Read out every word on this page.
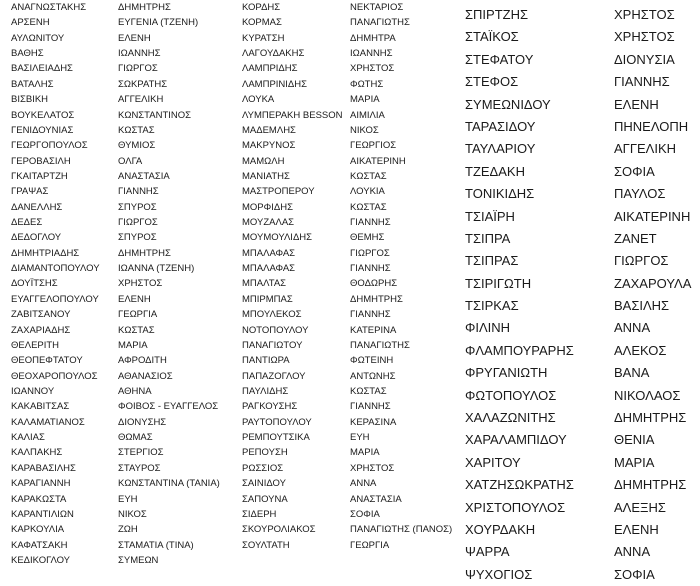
ΑΝΑΓΝΩΣΤΑΚΗΣ	ΔΗΜΗΤΡΗΣ
ΑΡΣΕΝΗ	ΕΥΓΕΝΙΑ (ΤΖΕΝΗ)
ΑΥΛΩΝΙΤΟΥ	ΕΛΕΝΗ
ΒΑΘΗΣ	ΙΩΑΝΝΗΣ
ΒΑΣΙΛΕΙΑΔΗΣ	ΓΙΩΡΓΟΣ
ΒΑΤΑΛΗΣ	ΣΩΚΡΑΤΗΣ
ΒΙΣΒΙΚΗ	ΑΓΓΕΛΙΚΗ
ΒΟΥΚΕΛΑΤΟΣ	ΚΩΝΣΤΑΝΤΙΝΟΣ
ΓΕΝΙΔΟΥΝΙΑΣ	ΚΩΣΤΑΣ
ΓΕΩΡΓΟΠΟΥΛΟΣ	ΘΥΜΙΟΣ
ΓΕΡΟΒΑΣΙΛΗ	ΟΛΓΑ
ΓΚΑΙΤΑΡΤΖΗ	ΑΝΑΣΤΑΣΙΑ
ΓΡΑΨΑΣ	ΓΙΑΝΝΗΣ
ΔΑΝΕΛΛΗΣ	ΣΠΥΡΟΣ
ΔΕΔΕΣ	ΓΙΩΡΓΟΣ
ΔΕΔΟΓΛΟΥ	ΣΠΥΡΟΣ
ΔΗΜΗΤΡΙΑΔΗΣ	ΔΗΜΗΤΡΗΣ
ΔΙΑΜΑΝΤΟΠΟΥΛΟΥ ΙΩΑΝΝΑ (ΤΖΕΝΗ)
ΔΟΥΪΤΣΗΣ	ΧΡΗΣΤΟΣ
ΕΥΑΓΓΕΛΟΠΟΥΛΟΥ ΕΛΕΝΗ
ΖΑΒΙΤΣΑΝΟΥ	ΓΕΩΡΓΙΑ
ΖΑΧΑΡΙΑΔΗΣ	ΚΩΣΤΑΣ
ΘΕΛΕΡΙΤΗ	ΜΑΡΙΑ
ΘΕΟΠΕΦΤΑΤΟΥ	ΑΦΡΟΔΙΤΗ
ΘΕΟΧΑΡΟΠΟΥΛΟΣ ΑΘΑΝΑΣΙΟΣ
ΙΩΑΝΝΟΥ	ΑΘΗΝΑ
ΚΑΚΑΒΙΤΣΑΣ	ΦΟΙΒΟΣ - ΕΥΑΓΓΕΛΟΣ
ΚΑΛΑΜΑΤΙΑΝΟΣ	ΔΙΟΝΥΣΗΣ
ΚΑΛΙΑΣ	ΘΩΜΑΣ
ΚΑΛΠΑΚΗΣ	ΣΤΕΡΓΙΟΣ
ΚΑΡΑΒΑΣΙΛΗΣ	ΣΤΑΥΡΟΣ
ΚΑΡΑΓΙΑΝΝΗ	ΚΩΝΣΤΑΝΤΙΝΑ (ΤΑΝΙΑ)
ΚΑΡΑΚΩΣΤΑ	ΕΥΗ
ΚΑΡΑΝΤΙΛΙΩΝ	ΝΙΚΟΣ
ΚΑΡΚΟΥΛΙΑ	ΖΩΗ
ΚΑΦΑΤΣΑΚΗ	ΣΤΑΜΑΤΙΑ (ΤΙΝΑ)
ΚΕΔΙΚΟΓΛΟΥ	ΣΥΜΕΩΝ
ΚΟΡΔΗΣ	ΝΕΚΤΑΡΙΟΣ
ΚΟΡΜΑΣ	ΠΑΝΑΓΙΩΤΗΣ
ΚΥΡΑΤΣΗ	ΔΗΜΗΤΡΑ
ΛΑΓΟΥΔΑΚΗΣ	ΙΩΑΝΝΗΣ
ΛΑΜΠΡΙΔΗΣ	ΧΡΗΣΤΟΣ
ΛΑΜΠΡΙΝΙΔΗΣ	ΦΩΤΗΣ
ΛΟΥΚΑ	ΜΑΡΙΑ
ΛΥΜΠΕΡΑΚΗ BESSON ΑΙΜΙΛΙΑ
ΜΑΔΕΜΛΗΣ	ΝΙΚΟΣ
ΜΑΚΡΥΝΟΣ	ΓΕΩΡΓΙΟΣ
ΜΑΜΩΛΗ	ΑΙΚΑΤΕΡΙΝΗ
ΜΑΝΙΑΤΗΣ	ΚΩΣΤΑΣ
ΜΑΣΤΡΟΠΕΡΟΥ	ΛΟΥΚΙΑ
ΜΟΡΦΙΔΗΣ	ΚΩΣΤΑΣ
ΜΟΥΖΑΛΑΣ	ΓΙΑΝΝΗΣ
ΜΟΥΜΟΥΛΙΔΗΣ	ΘΕΜΗΣ
ΜΠΑΛΑΦΑΣ	ΓΙΩΡΓΟΣ
ΜΠΑΛΑΦΑΣ	ΓΙΑΝΝΗΣ
ΜΠΑΛΤΑΣ	ΘΟΔΩΡΗΣ
ΜΠΙΡΜΠΑΣ	ΔΗΜΗΤΡΗΣ
ΜΠΟΥΛΕΚΟΣ	ΓΙΑΝΝΗΣ
ΝΟΤΟΠΟΥΛΟΥ	ΚΑΤΕΡΙΝΑ
ΠΑΝΑΓΙΩΤΟΥ	ΠΑΝΑΓΙΩΤΗΣ
ΠΑΝΤΙΩΡΑ	ΦΩΤΕΙΝΗ
ΠΑΠΑΖΟΓΛΟΥ	ΑΝΤΩΝΗΣ
ΠΑΥΛΙΔΗΣ	ΚΩΣΤΑΣ
ΡΑΓΚΟΥΣΗΣ	ΓΙΑΝΝΗΣ
ΡΑΥΤΟΠΟΥΛΟΥ	ΚΕΡΑΣΙΝΑ
ΡΕΜΠΟΥΤΣΙΚΑ	ΕΥΗ
ΡΕΠΟΥΣΗ	ΜΑΡΙΑ
ΡΩΣΣΙΟΣ	ΧΡΗΣΤΟΣ
ΣΑΙΝΙΔΟΥ	ΑΝΝΑ
ΣΑΠΟΥΝΑ	ΑΝΑΣΤΑΣΙΑ
ΣΙΔΕΡΗ	ΣΟΦΙΑ
ΣΚΟΥΡΟΛΙΑΚΟΣ	ΠΑΝΑΓΙΩΤΗΣ (ΠΑΝΟΣ)
ΣΟΥΛΤΑΤΗ	ΓΕΩΡΓΙΑ
ΣΠΙΡΤΖΗΣ	ΧΡΗΣΤΟΣ
ΣΤΑΪΚΟΣ	ΧΡΗΣΤΟΣ
ΣΤΕΦΑΤΟΥ	ΔΙΟΝΥΣΙΑ
ΣΤΕΦΟΣ	ΓΙΑΝΝΗΣ
ΣΥΜΕΩΝΙΔΟΥ	ΕΛΕΝΗ
ΤΑΡΑΣΙΔΟΥ	ΠΗΝΕΛΟΠΗ
ΤΑΥΛΑΡΙΟΥ	ΑΓΓΕΛΙΚΗ
ΤΖΕΔΑΚΗ	ΣΟΦΙΑ
ΤΟΝΙΚΙΔΗΣ	ΠΑΥΛΟΣ
ΤΣΙΑΪΡΗ	ΑΙΚΑΤΕΡΙΝΗ
ΤΣΙΠΡΑ	ΖΑΝΕΤ
ΤΣΙΠΡΑΣ	ΓΙΩΡΓΟΣ
ΤΣΙΡΙΓΩΤΗ	ΖΑΧΑΡΟΥΛΑ
ΤΣΙΡΚΑΣ	ΒΑΣΙΛΗΣ
ΦΙΛΙΝΗ	ΑΝΝΑ
ΦΛΑΜΠΟΥΡΑΡΗΣ	ΑΛΕΚΟΣ
ΦΡΥΓΑΝΙΩΤΗ	ΒΑΝΑ
ΦΩΤΟΠΟΥΛΟΣ	ΝΙΚΟΛΑΟΣ
ΧΑΛΑΖΩΝΙΤΗΣ	ΔΗΜΗΤΡΗΣ
ΧΑΡΑΛΑΜΠΙΔΟΥ	ΘΕΝΙΑ
ΧΑΡΙΤΟΥ	ΜΑΡΙΑ
ΧΑΤΖΗΣΩΚΡΑΤΗΣ	ΔΗΜΗΤΡΗΣ
ΧΡΙΣΤΟΠΟΥΛΟΣ	ΑΛΕΞΗΣ
ΧΟΥΡΔΑΚΗ	ΕΛΕΝΗ
ΨΑΡΡΑ	ΑΝΝΑ
ΨΥΧΟΓΙΟΣ	ΣΟΦΙΑ
